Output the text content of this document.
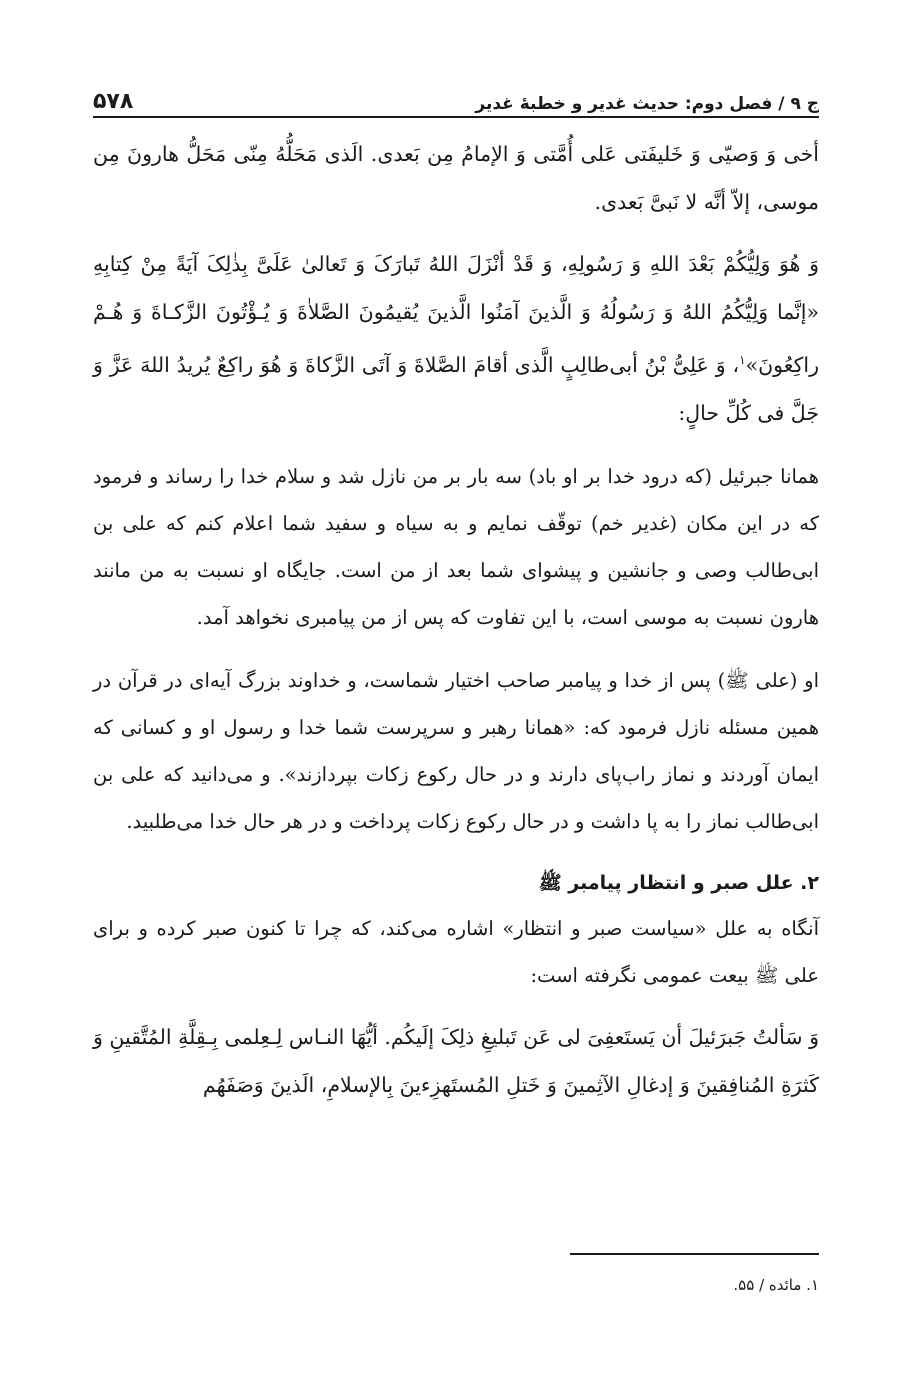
ج ۹ / فصل دوم: حدیث غدیر و خطبهٔ غدیر
۵۷۸

أخی وَ وَصیّی وَ خَلیفَتی عَلی أُمَّتی وَ الإمامُ مِن بَعدی. الَذی مَحَلُّهُ مِنّی مَحَلُّ هارونَ مِن موسی، إلاّ أنَّه لا نَبیَّ بَعدی.

وَ هُوَ وَلِیُّکُمْ بَعْدَ اللهِ وَ رَسُولِهِ، وَ قَدْ أنْزَلَ اللهُ تَبارَکَ وَ تَعالیٰ عَلَیَّ بِذٰلِکَ آیَةً مِنْ کِتابِهِ «إنَّما وَلِیُّکُمُ اللهُ وَ رَسُولُهُ وَ الَّذینَ آمَنُوا الَّذینَ یُقیمُونَ الصَّلاٰةَ وَ یُـؤْتُونَ الزَّکـاةَ وَ هُـمْ راکِعُونَ»$^۱$، وَ عَلِیُّ بْنُ أبی‌طالِبٍ الَّذی أقامَ الصَّلاةَ وَ آتَی الزَّکاةَ وَ هُوَ راکِعٌ یُریدُ اللهَ عَزَّ وَ جَلَّ فی کُلِّ حالٍ:

همانا جبرئیل (که درود خدا بر او باد) سه بار بر من نازل شد و سلام خدا را رساند و فرمود که در این مکان (غدیر خم) توقّف نمایم و به سیاه و سفید شما اعلام کنم که علی بن ابی‌طالب وصی و جانشین و پیشوای شما بعد از من است. جایگاه او نسبت به من مانند هارون نسبت به موسی است، با این تفاوت که پس از من پیامبری نخواهد آمد.

او (علی ﷺ) پس از خدا و پیامبر صاحب اختیار شماست، و خداوند بزرگ آیه‌ای در قرآن در همین مسئله نازل فرمود که: «همانا رهبر و سرپرست شما خدا و رسول او و کسانی که ایمان آوردند و نماز راب‌پای دارند و در حال رکوع زکات بپردازند». و می‌دانید که علی بن ابی‌طالب نماز را به پا داشت و در حال رکوع زکات پرداخت و در هر حال خدا می‌طلبید.

۲. علل صبر و انتظار پیامبر ﷺ

آنگاه به علل «سیاست صبر و انتظار» اشاره می‌کند، که چرا تا کنون صبر کرده و برای علی ﷺ بیعت عمومی نگرفته است:

وَ سَألتُ جَبرَئیلَ أن یَستَعفِیَ لی عَن تَبلیغِ ذلِکَ إلَیکُم. أیُّهَا النـاس لِـعِلمی بِـقِلَّةِ المُتَّقینِ وَ کَثرَةِ المُنافِقینَ وَ إدغالِ الآثِمینَ وَ خَتلِ المُستَهزِءینَ بِالإسلامِ، الَذینَ وَصَفَهُم

۱. مائده / ۵۵.
